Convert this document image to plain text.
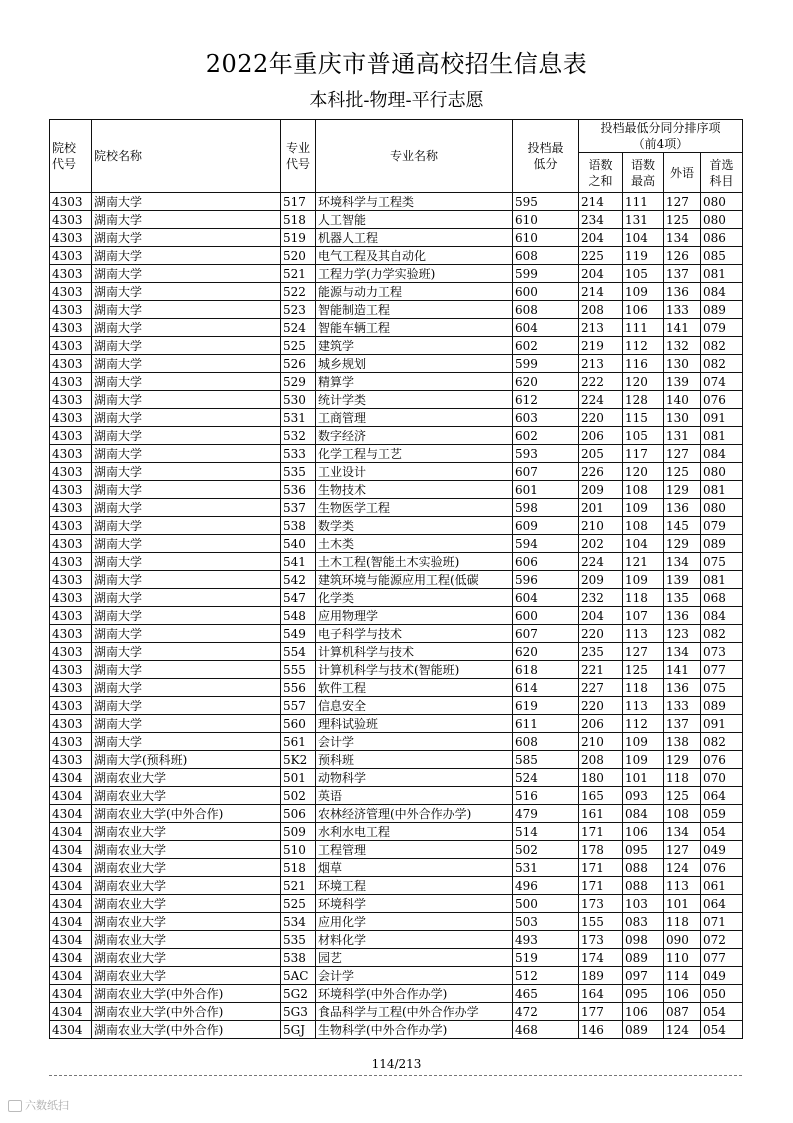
2022年重庆市普通高校招生信息表
本科批-物理-平行志愿
院校代号	院校名称	专业代号	专业名称	投档最低分	投档最低分同分排序项（前4项）			

					语数之和	语数最高	外语	首选科目

4303	湖南大学	517	环境科学与工程类	595	214	111	127	080
4303	湖南大学	518	人工智能	610	234	131	125	080
4303	湖南大学	519	机器人工程	610	204	104	134	086
4303	湖南大学	520	电气工程及其自动化	608	225	119	126	085
4303	湖南大学	521	工程力学(力学实验班)	599	204	105	137	081
4303	湖南大学	522	能源与动力工程	600	214	109	136	084
4303	湖南大学	523	智能制造工程	608	208	106	133	089
4303	湖南大学	524	智能车辆工程	604	213	111	141	079
4303	湖南大学	525	建筑学	602	219	112	132	082
4303	湖南大学	526	城乡规划	599	213	116	130	082
4303	湖南大学	529	精算学	620	222	120	139	074
4303	湖南大学	530	统计学类	612	224	128	140	076
4303	湖南大学	531	工商管理	603	220	115	130	091
4303	湖南大学	532	数字经济	602	206	105	131	081
4303	湖南大学	533	化学工程与工艺	593	205	117	127	084
4303	湖南大学	535	工业设计	607	226	120	125	080
4303	湖南大学	536	生物技术	601	209	108	129	081
4303	湖南大学	537	生物医学工程	598	201	109	136	080
4303	湖南大学	538	数学类	609	210	108	145	079
4303	湖南大学	540	土木类	594	202	104	129	089
4303	湖南大学	541	土木工程(智能土木实验班)	606	224	121	134	075
4303	湖南大学	542	建筑环境与能源应用工程(低碳	596	209	109	139	081
4303	湖南大学	547	化学类	604	232	118	135	068
4303	湖南大学	548	应用物理学	600	204	107	136	084
4303	湖南大学	549	电子科学与技术	607	220	113	123	082
4303	湖南大学	554	计算机科学与技术	620	235	127	134	073
4303	湖南大学	555	计算机科学与技术(智能班)	618	221	125	141	077
4303	湖南大学	556	软件工程	614	227	118	136	075
4303	湖南大学	557	信息安全	619	220	113	133	089
4303	湖南大学	560	理科试验班	611	206	112	137	091
4303	湖南大学	561	会计学	608	210	109	138	082
4303	湖南大学(预科班)	5K2	预科班	585	208	109	129	076
4304	湖南农业大学	501	动物科学	524	180	101	118	070
4304	湖南农业大学	502	英语	516	165	093	125	064
4304	湖南农业大学(中外合作)	506	农林经济管理(中外合作办学)	479	161	084	108	059
4304	湖南农业大学	509	水利水电工程	514	171	106	134	054
4304	湖南农业大学	510	工程管理	502	178	095	127	049
4304	湖南农业大学	518	烟草	531	171	088	124	076
4304	湖南农业大学	521	环境工程	496	171	088	113	061
4304	湖南农业大学	525	环境科学	500	173	103	101	064
4304	湖南农业大学	534	应用化学	503	155	083	118	071
4304	湖南农业大学	535	材料化学	493	173	098	090	072
4304	湖南农业大学	538	园艺	519	174	089	110	077
4304	湖南农业大学	5AC	会计学	512	189	097	114	049
4304	湖南农业大学(中外合作)	5G2	环境科学(中外合作办学)	465	164	095	106	050
4304	湖南农业大学(中外合作)	5G3	食品科学与工程(中外合作办学	472	177	106	087	054
4304	湖南农业大学(中外合作)	5GJ	生物科学(中外合作办学)	468	146	089	124	054
114/213
六数纸扫
